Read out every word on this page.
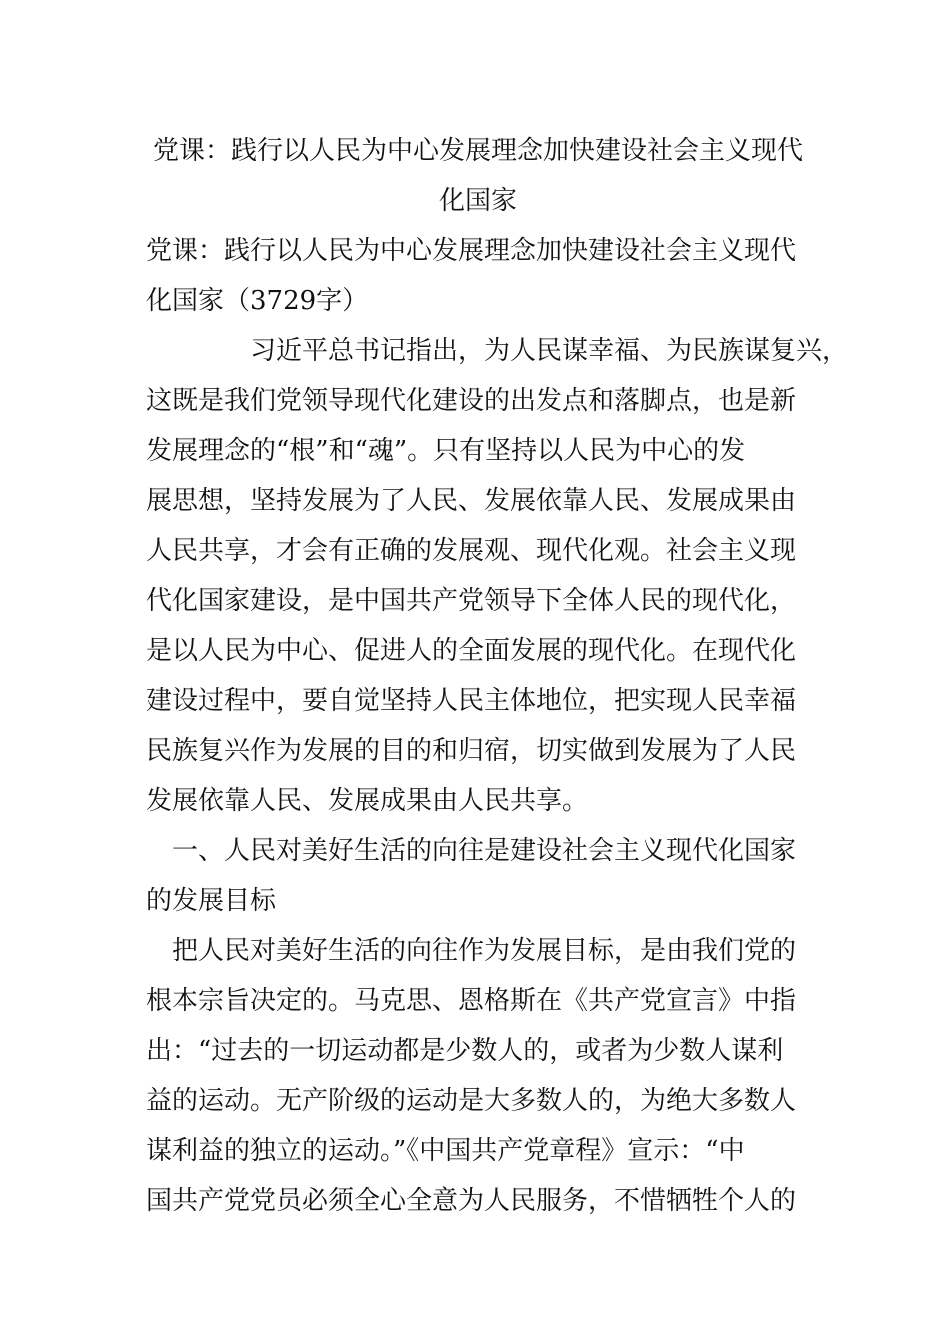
党课：践行以人民为中心发展理念加快建设社会主义现代
化国家
党课：践行以人民为中心发展理念加快建设社会主义现代
化国家（3729字）
　　　　习近平总书记指出，为人民谋幸福、为民族谋复兴，
这既是我们党领导现代化建设的出发点和落脚点，也是新
发展理念的“根”和“魂”。只有坚持以人民为中心的发
展思想，坚持发展为了人民、发展依靠人民、发展成果由
人民共享，才会有正确的发展观、现代化观。社会主义现
代化国家建设，是中国共产党领导下全体人民的现代化，
是以人民为中心、促进人的全面发展的现代化。在现代化
建设过程中，要自觉坚持人民主体地位，把实现人民幸福
民族复兴作为发展的目的和归宿，切实做到发展为了人民
发展依靠人民、发展成果由人民共享。
　一、人民对美好生活的向往是建设社会主义现代化国家
的发展目标
　把人民对美好生活的向往作为发展目标，是由我们党的
根本宗旨决定的。马克思、恩格斯在《共产党宣言》中指
出：“过去的一切运动都是少数人的，或者为少数人谋利
益的运动。无产阶级的运动是大多数人的，为绝大多数人
谋利益的独立的运动。”《中国共产党章程》宣示：“中
国共产党党员必须全心全意为人民服务，不惜牺牲个人的
